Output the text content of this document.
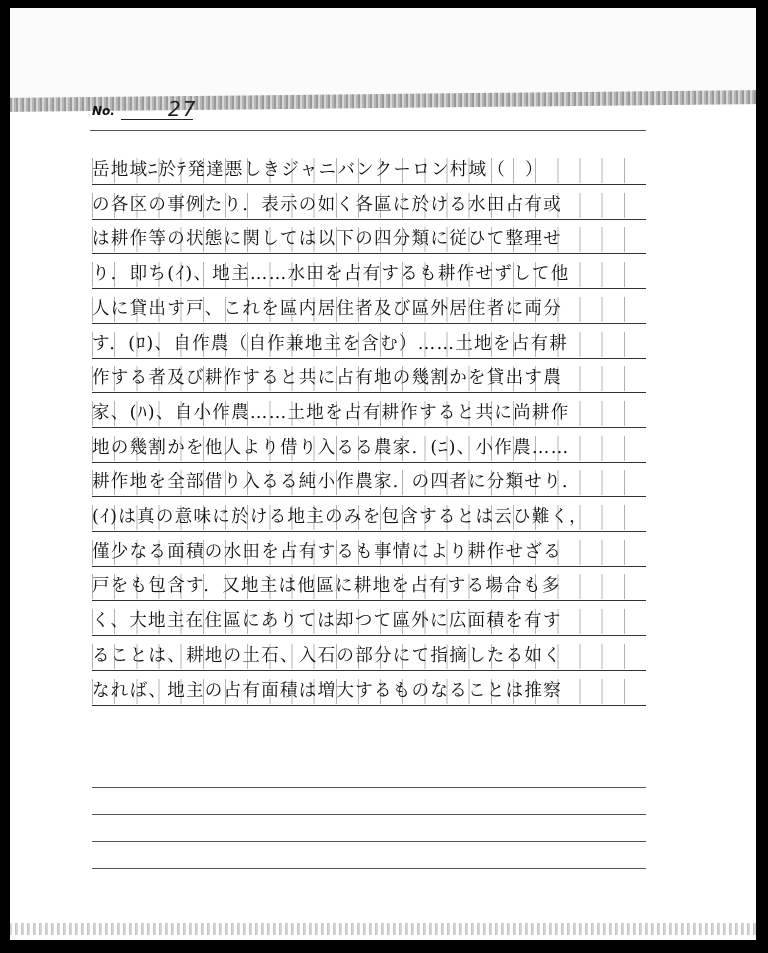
No.	27
岳地域ﾆ於ﾃ発達悪しきジャニバンクーロン村域（　）
の各区の事例たり．表示の如く各區に於ける水田占有或
は耕作等の状態に関しては以下の四分類に従ひて整理せ
り．即ち(ｲ)、地主……水田を占有するも耕作せずして他
人に貸出す戸、これを區内居住者及び區外居住者に両分
す．(ﾛ)、自作農（自作兼地主を含む）……土地を占有耕
作する者及び耕作すると共に占有地の幾割かを貸出す農
家、(ﾊ)、自小作農……土地を占有耕作すると共に尚耕作
地の幾割かを他人より借り入るる農家．(ﾆ)、小作農……
耕作地を全部借り入るる純小作農家．の四者に分類せり．
(ｲ)は真の意味に於ける地主のみを包含するとは云ひ難く，
僅少なる面積の水田を占有するも事情により耕作せざる
戸をも包含す．又地主は他區に耕地を占有する場合も多
く、大地主在住區にありては却つて區外に広面積を有す
ることは、耕地の土石、入石の部分にて指摘したる如く
なれば、地主の占有面積は増大するものなることは推察
